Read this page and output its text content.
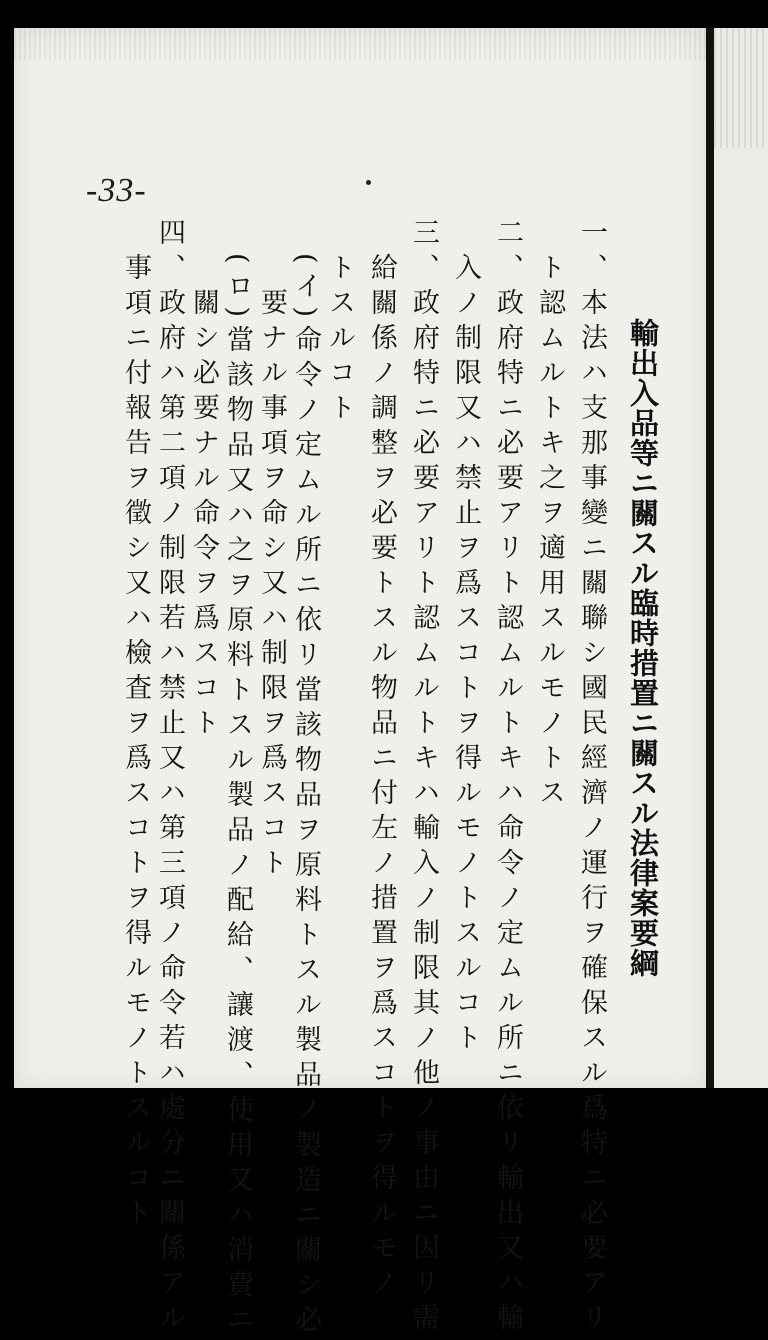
-33-
輸出入品等ニ關スル臨時措置ニ關スル法律案要綱
一、本法ハ支那事變ニ關聯シ國民經濟ノ運行ヲ確保スル爲特ニ必要アリ
　ト認ムルトキ之ヲ適用スルモノトス
二、政府特ニ必要アリト認ムルトキハ命令ノ定ムル所ニ依リ輸出又ハ輸
　入ノ制限又ハ禁止ヲ爲スコトヲ得ルモノトスルコト
三、政府特ニ必要アリト認ムルトキハ輸入ノ制限其ノ他ノ事由ニ因リ需
　給關係ノ調整ヲ必要トスル物品ニ付左ノ措置ヲ爲スコトヲ得ルモノ
　トスルコト
　(イ)命令ノ定ムル所ニ依リ當該物品ヲ原料トスル製品ノ製造ニ關シ必
　　要ナル事項ヲ命シ又ハ制限ヲ爲スコト
　(ロ)當該物品又ハ之ヲ原料トスル製品ノ配給、讓渡、使用又ハ消費ニ
　　關シ必要ナル命令ヲ爲スコト
四、政府ハ第二項ノ制限若ハ禁止又ハ第三項ノ命令若ハ處分ニ關係アル
　事項ニ付報告ヲ徵シ又ハ檢査ヲ爲スコトヲ得ルモノトスルコト
